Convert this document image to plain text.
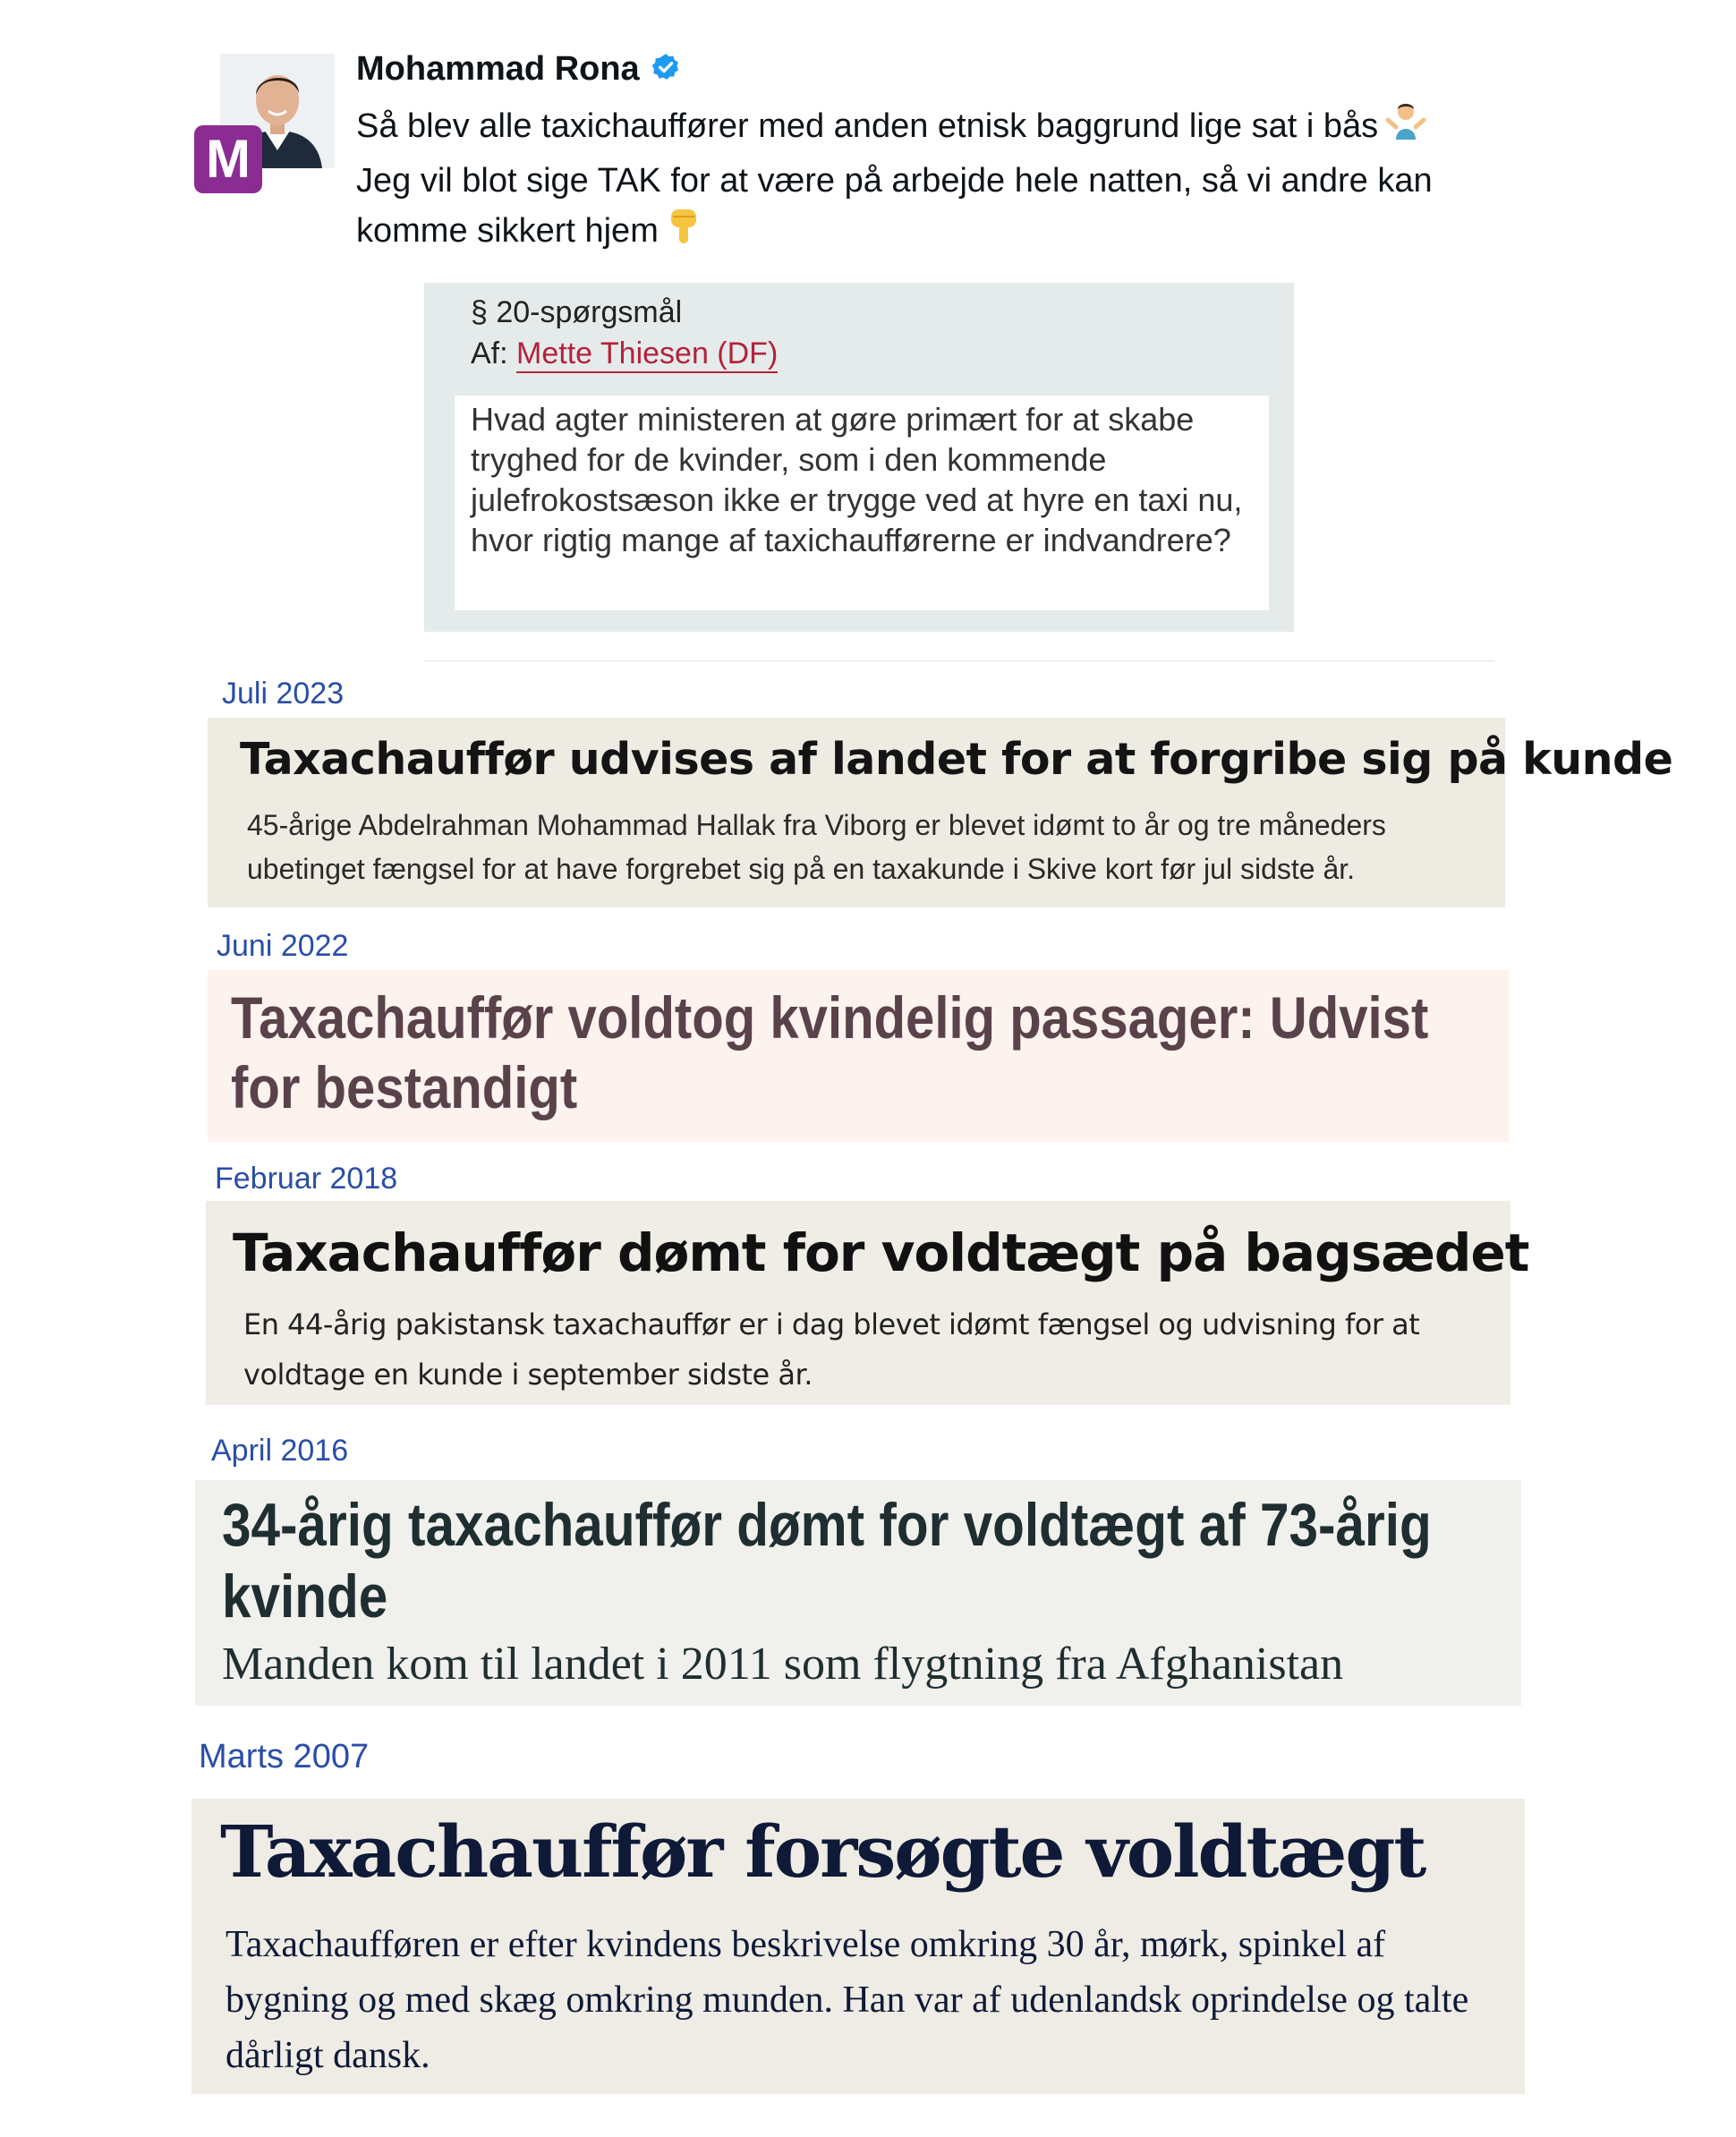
M
Mohammad Rona
Så blev alle taxichauffører med anden etnisk baggrund lige sat i bås
Jeg vil blot sige TAK for at være på arbejde hele natten, så vi andre kan
komme sikkert hjem
§ 20-spørgsmål
Af: Mette Thiesen (DF)
Hvad agter ministeren at gøre primært for at skabe tryghed for de kvinder, som i den kommende julefrokostsæson ikke er trygge ved at hyre en taxi nu, hvor rigtig mange af taxichaufførerne er indvandrere?
Juli 2023
Taxachauffør udvises af landet for at forgribe sig på kunde
45-årige Abdelrahman Mohammad Hallak fra Viborg er blevet idømt to år og tre måneders ubetinget fængsel for at have forgrebet sig på en taxakunde i Skive kort før jul sidste år.
Juni 2022
Taxachauffør voldtog kvindelig passager: Udvist for bestandigt
Februar 2018
Taxachauffør dømt for voldtægt på bagsædet
En 44-årig pakistansk taxachauffør er i dag blevet idømt fængsel og udvisning for at voldtage en kunde i september sidste år.
April 2016
34-årig taxachauffør dømt for voldtægt af 73-årig kvinde
Manden kom til landet i 2011 som flygtning fra Afghanistan
Marts 2007
Taxachauffør forsøgte voldtægt
Taxachaufføren er efter kvindens beskrivelse omkring 30 år, mørk, spinkel af bygning og med skæg omkring munden. Han var af udenlandsk oprindelse og talte dårligt dansk.
